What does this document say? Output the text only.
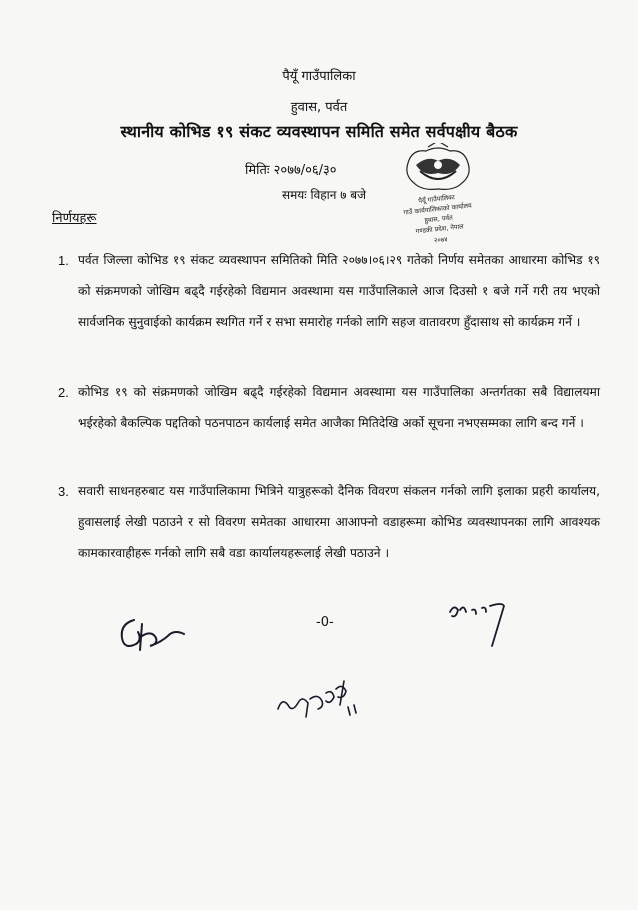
पैयूँ गाउँपालिका
हुवास, पर्वत
स्थानीय कोभिड १९ संकट व्यवस्थापन समिति समेत सर्वपक्षीय बैठक
मितिः २०७७/०६/३०
समयः विहान ७ बजे	पैयूँ गाउँपालिका
गाउँ कार्यपालिकाको कार्यालय
हुवास, पर्वत
गण्डकी प्रदेश, नेपाल
२०७४
निर्णयहरू
1. पर्वत जिल्ला कोभिड १९ संकट व्यवस्थापन समितिको मिति २०७७।०६।२९ गतेको निर्णय समेतका आधारमा कोभिड १९ को संक्रमणको जोखिम बढ्दै गईरहेको विद्यमान अवस्थामा यस गाउँपालिकाले आज दिउसो १ बजे गर्ने गरी तय भएको सार्वजनिक सुनुवाईको कार्यक्रम स्थगित गर्ने र सभा समारोह गर्नको लागि सहज वातावरण हुँदासाथ सो कार्यक्रम गर्ने ।

2. कोभिड १९ को संक्रमणको जोखिम बढ्दै गईरहेको विद्यमान अवस्थामा यस गाउँपालिका अन्तर्गतका सबै विद्यालयमा भईरहेको बैकल्पिक पद्दतिको पठनपाठन कार्यलाई समेत आजैका मितिदेखि अर्को सूचना नभएसम्मका लागि बन्द गर्ने ।

3. सवारी साधनहरुबाट यस गाउँपालिकामा भित्रिने यात्रुहरूको दैनिक विवरण संकलन गर्नको लागि इलाका प्रहरी कार्यालय, हुवासलाई लेखी पठाउने र सो विवरण समेतका आधारमा आआफ्नो वडाहरूमा कोभिड व्यवस्थापनका लागि आवश्यक कामकारवाहीहरू गर्नको लागि सबै वडा कार्यालयहरूलाई लेखी पठाउने ।

-0-
